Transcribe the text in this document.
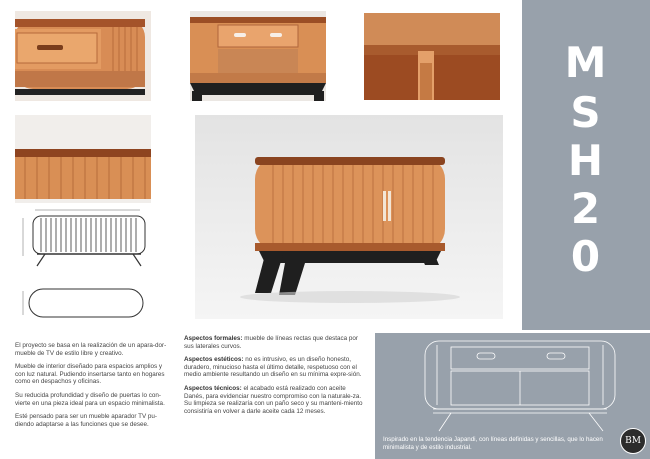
M
S
H
2
0

El proyecto se basa en la realización de un apara-dor-mueble de TV de estilo libre y creativo.

Mueble de interior diseñado para espacios amplios y con luz natural. Pudiendo insertarse tanto en hogares como en despachos y oficinas.

Su reducida profundidad y diseño de puertas lo con-vierte en una pieza ideal para un espacio minimalista.

Esté pensado para ser un mueble aparador TV pu-diendo adaptarse a las funciones que se desee.

Aspectos formales: mueble de líneas rectas que destaca por sus laterales curvos.

Aspectos estéticos: no es intrusivo, es un diseño honesto, duradero, minucioso hasta el último detalle, respetuoso con el medio ambiente resultando un diseño en su mínima expre-sión.

Aspectos técnicos: el acabado está realizado con aceite Danés, para evidenciar nuestro compromiso con la naturale-za.

Su limpieza se realizaría con un paño seco y su manteni-miento consistiría en volver a darle aceite cada 12 meses.

Inspirado en la tendencia Japandi, con líneas definidas y sencillas, que lo hacen minimalista y de estilo industrial.
BM
